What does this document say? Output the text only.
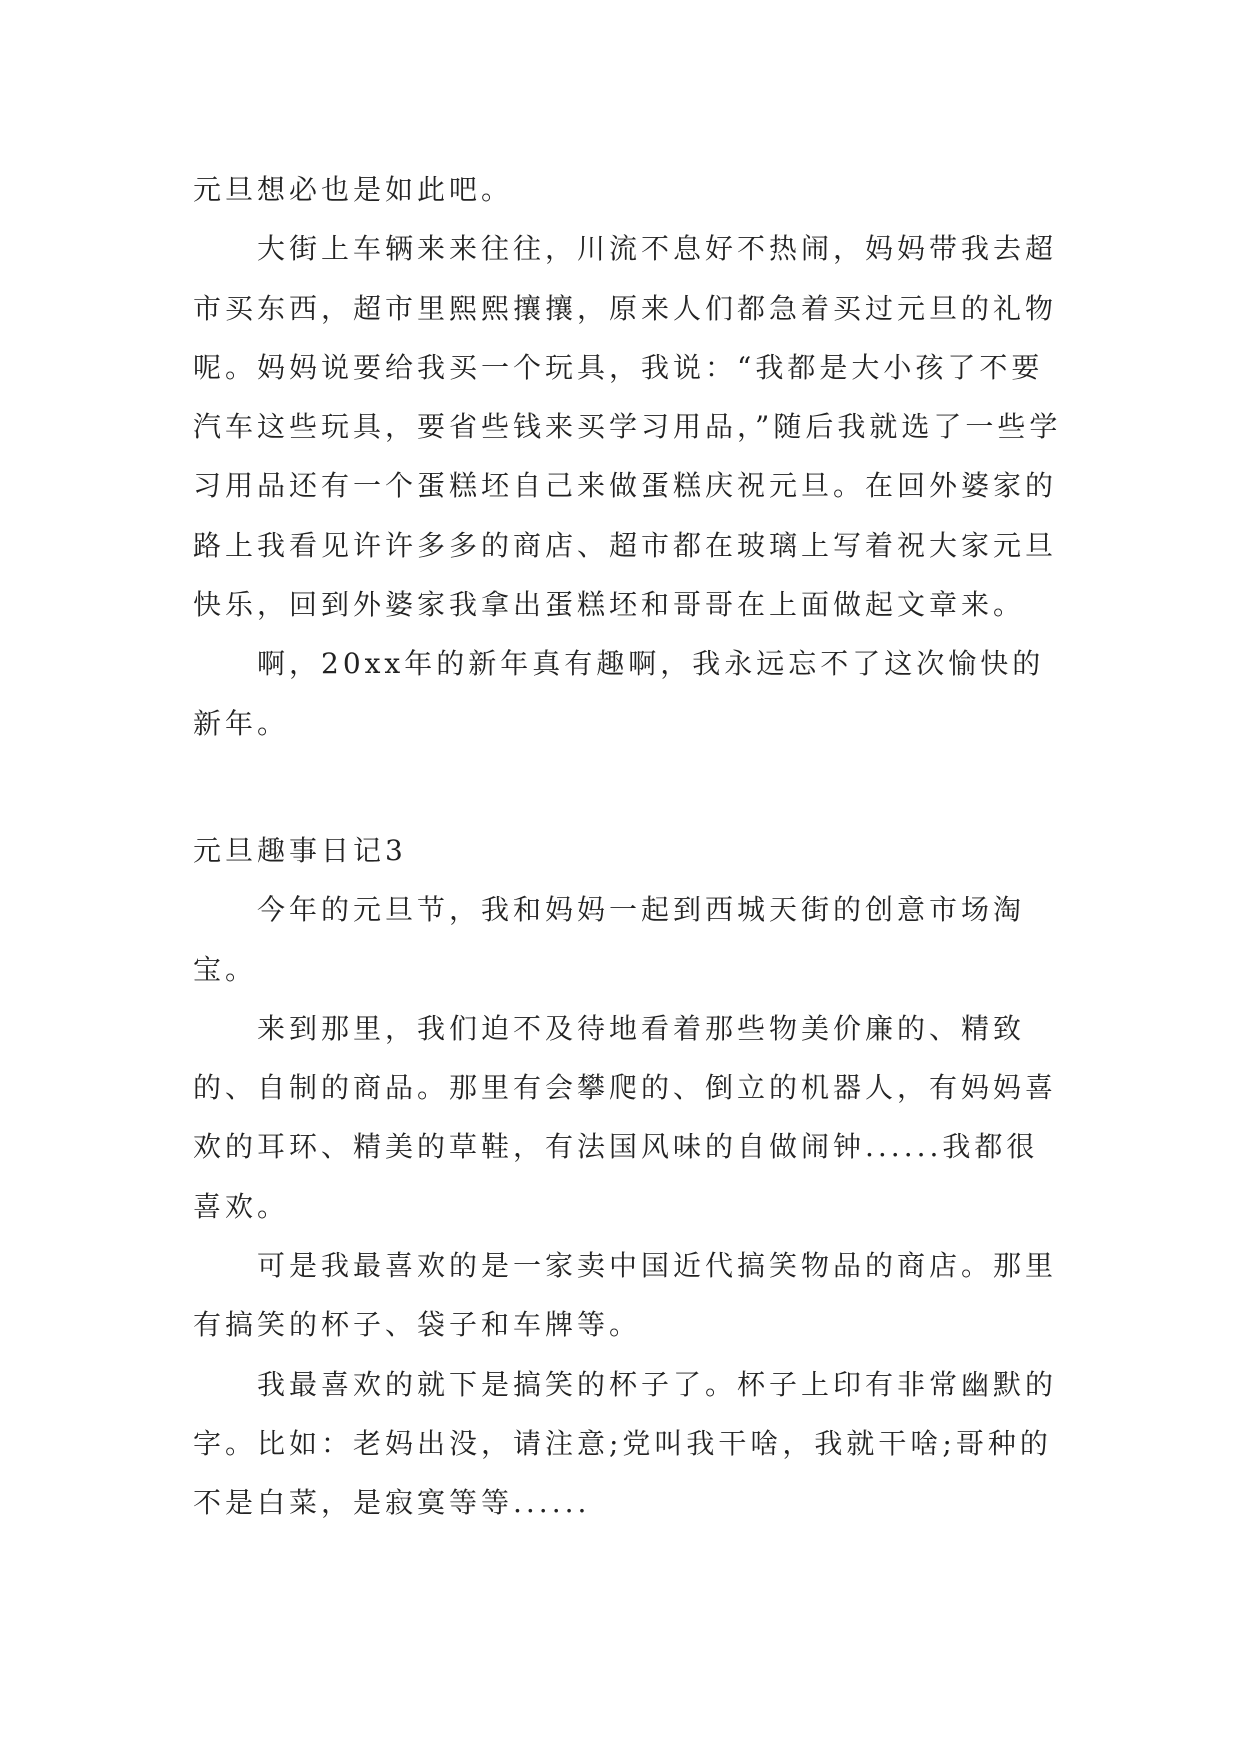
元旦想必也是如此吧。

大街上车辆来来往往，川流不息好不热闹，妈妈带我去超市买东西，超市里熙熙攘攘，原来人们都急着买过元旦的礼物呢。妈妈说要给我买一个玩具，我说：“我都是大小孩了不要汽车这些玩具，要省些钱来买学习用品，”随后我就选了一些学习用品还有一个蛋糕坯自己来做蛋糕庆祝元旦。在回外婆家的路上我看见许许多多的商店、超市都在玻璃上写着祝大家元旦快乐，回到外婆家我拿出蛋糕坯和哥哥在上面做起文章来。

啊，20xx年的新年真有趣啊，我永远忘不了这次愉快的新年。

元旦趣事日记3

今年的元旦节，我和妈妈一起到西城天街的创意市场淘宝。

来到那里，我们迫不及待地看着那些物美价廉的、精致的、自制的商品。那里有会攀爬的、倒立的机器人，有妈妈喜欢的耳环、精美的草鞋，有法国风味的自做闹钟......我都很喜欢。

可是我最喜欢的是一家卖中国近代搞笑物品的商店。那里有搞笑的杯子、袋子和车牌等。

我最喜欢的就下是搞笑的杯子了。杯子上印有非常幽默的字。比如：老妈出没，请注意;党叫我干啥，我就干啥;哥种的不是白菜，是寂寞等等......
